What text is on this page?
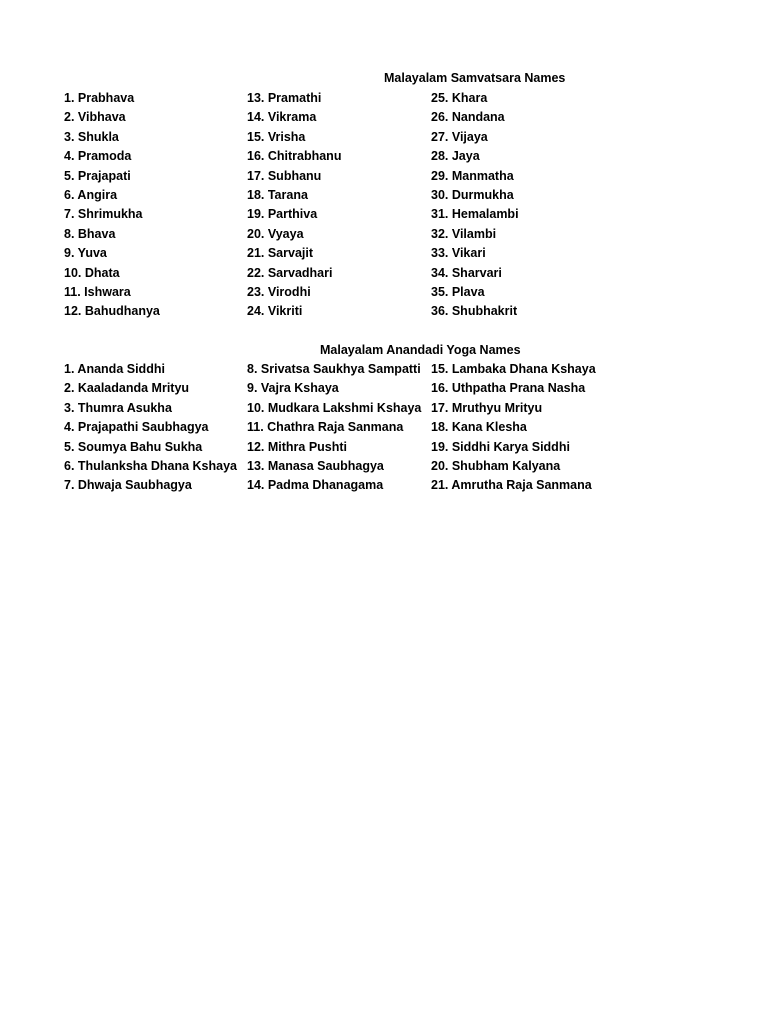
Malayalam Samvatsara Names
1. Prabhava
2. Vibhava
3. Shukla
4. Pramoda
5. Prajapati
6. Angira
7. Shrimukha
8. Bhava
9. Yuva
10. Dhata
11. Ishwara
12. Bahudhanya
13. Pramathi
14. Vikrama
15. Vrisha
16. Chitrabhanu
17. Subhanu
18. Tarana
19. Parthiva
20. Vyaya
21. Sarvajit
22. Sarvadhari
23. Virodhi
24. Vikriti
25. Khara
26. Nandana
27. Vijaya
28. Jaya
29. Manmatha
30. Durmukha
31. Hemalambi
32. Vilambi
33. Vikari
34. Sharvari
35. Plava
36. Shubhakrit
Malayalam Anandadi Yoga Names
1. Ananda Siddhi
2. Kaaladanda Mrityu
3. Thumra Asukha
4. Prajapathi Saubhagya
5. Soumya Bahu Sukha
6. Thulanksha Dhana Kshaya
7. Dhwaja Saubhagya
8. Srivatsa Saukhya Sampatti
9. Vajra Kshaya
10. Mudkara Lakshmi Kshaya
11. Chathra Raja Sanmana
12. Mithra Pushti
13. Manasa Saubhagya
14. Padma Dhanagama
15. Lambaka Dhana Kshaya
16. Uthpatha Prana Nasha
17. Mruthyu Mrityu
18. Kana Klesha
19. Siddhi Karya Siddhi
20. Shubham Kalyana
21. Amrutha Raja Sanmana
